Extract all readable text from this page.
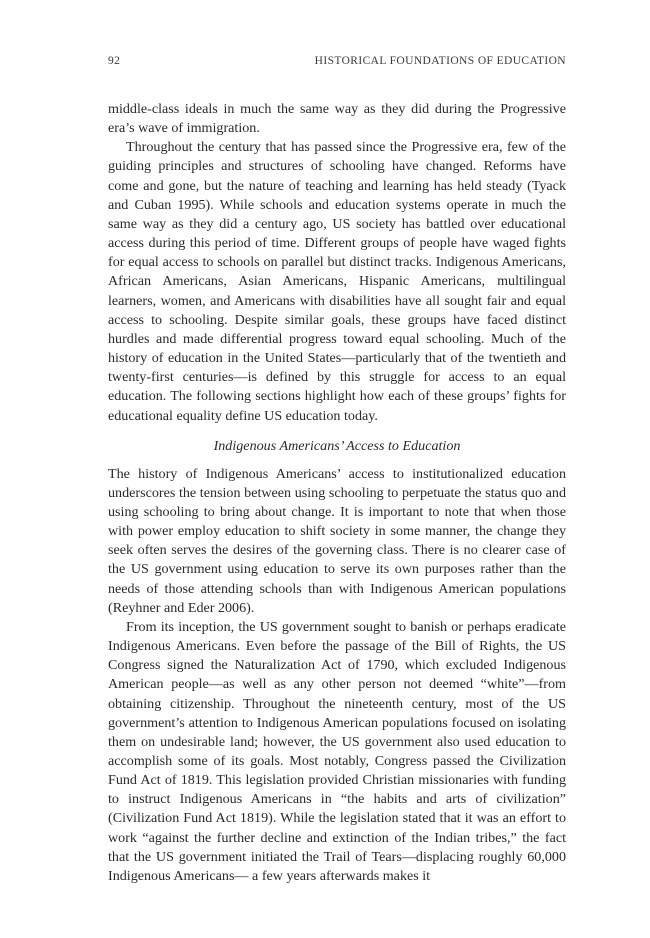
92	HISTORICAL FOUNDATIONS OF EDUCATION

middle-class ideals in much the same way as they did during the Progressive era’s wave of immigration.

Throughout the century that has passed since the Progressive era, few of the guiding principles and structures of schooling have changed. Reforms have come and gone, but the nature of teaching and learning has held steady (Tyack and Cuban 1995). While schools and education systems operate in much the same way as they did a century ago, US society has battled over educational access during this period of time. Different groups of people have waged fights for equal access to schools on parallel but distinct tracks. Indigenous Americans, African Americans, Asian Americans, Hispanic Americans, multilingual learners, women, and Americans with disabilities have all sought fair and equal access to schooling. Despite similar goals, these groups have faced distinct hurdles and made differential progress toward equal schooling. Much of the history of education in the United States—particularly that of the twentieth and twenty-first centuries—is defined by this struggle for access to an equal education. The following sections highlight how each of these groups’ fights for educational equality define US education today.

Indigenous Americans’ Access to Education

The history of Indigenous Americans’ access to institutionalized education underscores the tension between using schooling to perpetuate the status quo and using schooling to bring about change. It is important to note that when those with power employ education to shift society in some manner, the change they seek often serves the desires of the governing class. There is no clearer case of the US government using education to serve its own purposes rather than the needs of those attending schools than with Indigenous American populations (Reyhner and Eder 2006).

From its inception, the US government sought to banish or perhaps eradicate Indigenous Americans. Even before the passage of the Bill of Rights, the US Congress signed the Naturalization Act of 1790, which excluded Indigenous American people—as well as any other person not deemed “white”—from obtaining citizenship. Throughout the nineteenth century, most of the US government’s attention to Indigenous American populations focused on isolating them on undesirable land; however, the US government also used education to accomplish some of its goals. Most notably, Congress passed the Civilization Fund Act of 1819. This legislation provided Christian missionaries with funding to instruct Indigenous Americans in “the habits and arts of civilization” (Civilization Fund Act 1819). While the legislation stated that it was an effort to work “against the further decline and extinction of the Indian tribes,” the fact that the US government initiated the Trail of Tears—displacing roughly 60,000 Indigenous Americans— a few years afterwards makes it
